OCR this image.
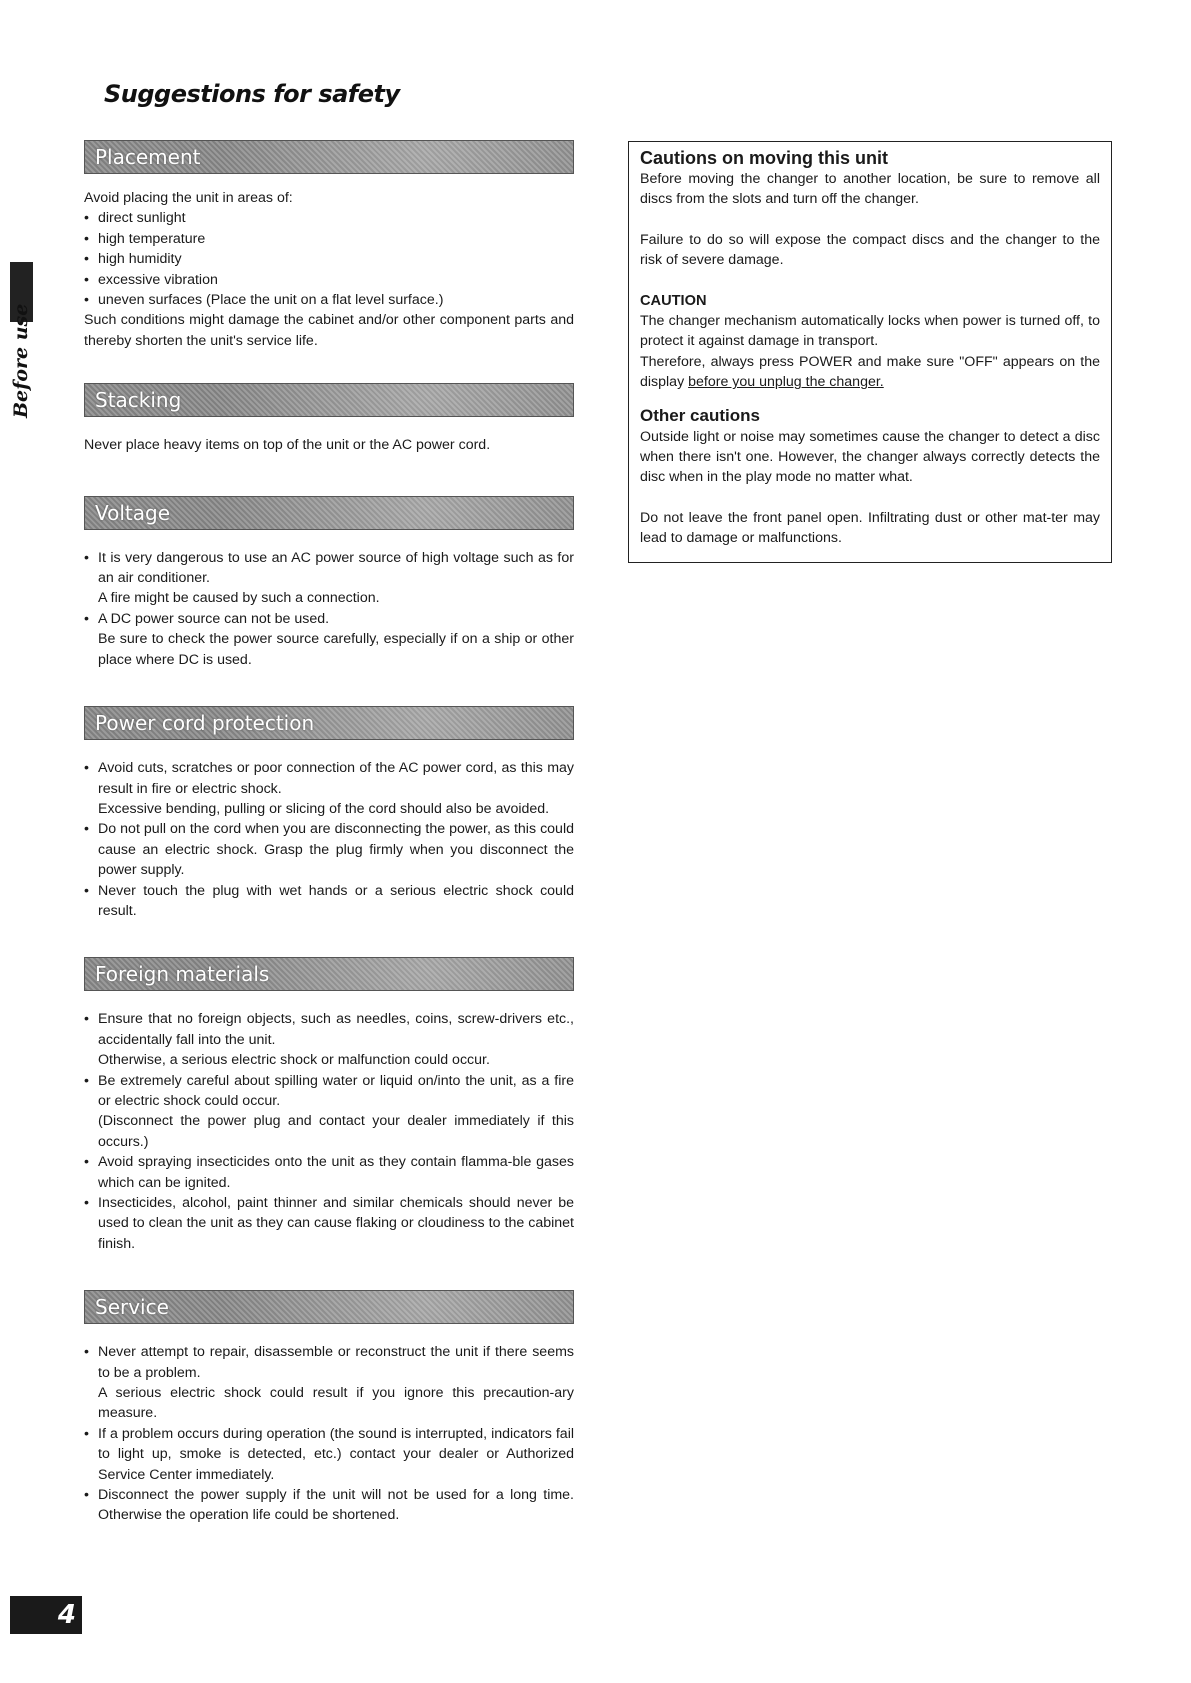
Suggestions for safety
Before use
Placement

Avoid placing the unit in areas of:

• direct sunlight

• high temperature

• high humidity

• excessive vibration

• uneven surfaces (Place the unit on a flat level surface.)

Such conditions might damage the cabinet and/or other component parts and thereby shorten the unit's service life.

Stacking

Never place heavy items on top of the unit or the AC power cord.

Voltage

• It is very dangerous to use an AC power source of high voltage such as for an air conditioner.

A fire might be caused by such a connection.

• A DC power source can not be used.

Be sure to check the power source carefully, especially if on a ship or other place where DC is used.

Power cord protection

• Avoid cuts, scratches or poor connection of the AC power cord, as this may result in fire or electric shock.

Excessive bending, pulling or slicing of the cord should also be avoided.

• Do not pull on the cord when you are disconnecting the power, as this could cause an electric shock. Grasp the plug firmly when you disconnect the power supply.

• Never touch the plug with wet hands or a serious electric shock could result.

Foreign materials

• Ensure that no foreign objects, such as needles, coins, screw-drivers etc., accidentally fall into the unit.

Otherwise, a serious electric shock or malfunction could occur.

• Be extremely careful about spilling water or liquid on/into the unit, as a fire or electric shock could occur.

(Disconnect the power plug and contact your dealer immediately if this occurs.)

• Avoid spraying insecticides onto the unit as they contain flamma-ble gases which can be ignited.

• Insecticides, alcohol, paint thinner and similar chemicals should never be used to clean the unit as they can cause flaking or cloudiness to the cabinet finish.

Service

• Never attempt to repair, disassemble or reconstruct the unit if there seems to be a problem.

A serious electric shock could result if you ignore this precaution-ary measure.

• If a problem occurs during operation (the sound is interrupted, indicators fail to light up, smoke is detected, etc.) contact your dealer or Authorized Service Center immediately.

• Disconnect the power supply if the unit will not be used for a long time. Otherwise the operation life could be shortened.

Cautions on moving this unit

Before moving the changer to another location, be sure to remove all discs from the slots and turn off the changer.

Failure to do so will expose the compact discs and the changer to the risk of severe damage.

CAUTION

The changer mechanism automatically locks when power is turned off, to protect it against damage in transport.

Therefore, always press POWER and make sure "OFF" appears on the display before you unplug the changer.

Other cautions

Outside light or noise may sometimes cause the changer to detect a disc when there isn't one. However, the changer always correctly detects the disc when in the play mode no matter what.

Do not leave the front panel open. Infiltrating dust or other mat-ter may lead to damage or malfunctions.

4
